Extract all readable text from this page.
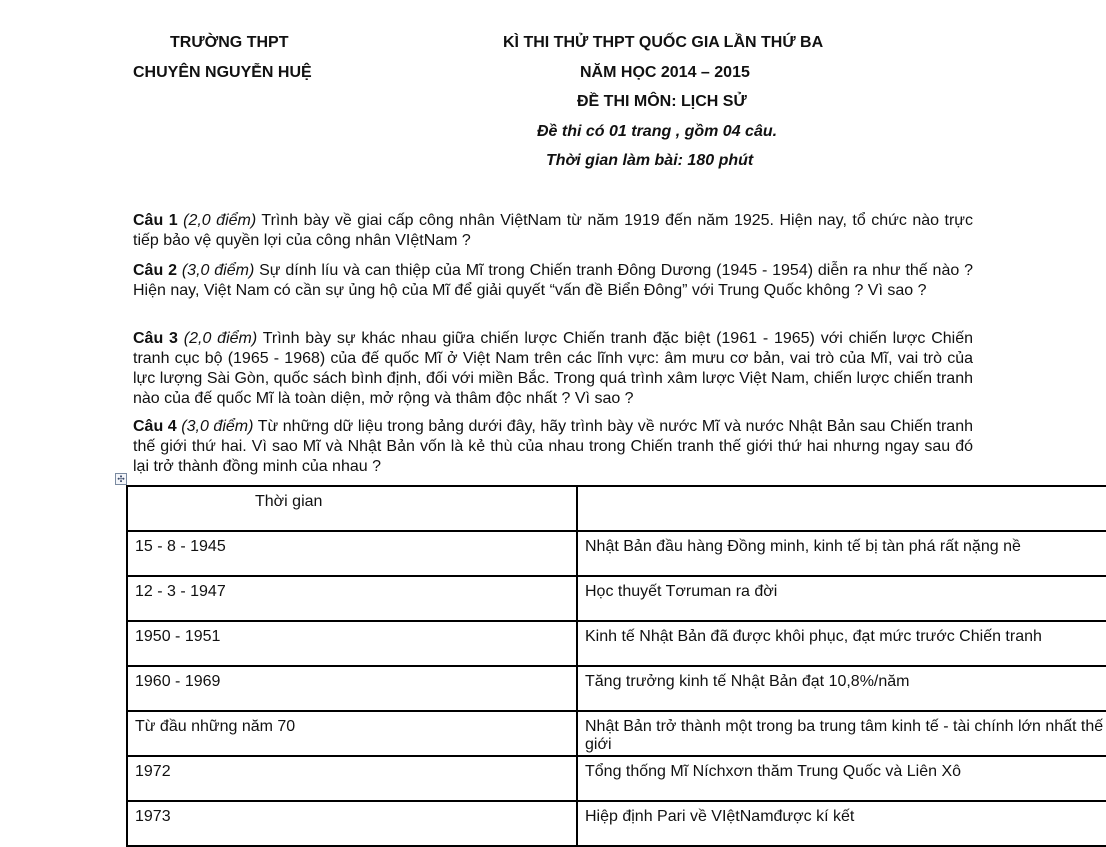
TRƯỜNG THPT
CHUYÊN NGUYỄN HUỆ
KÌ THI THỬ THPT QUỐC GIA LẦN THỨ BA
NĂM HỌC 2014 – 2015
ĐỀ THI MÔN: LỊCH SỬ
Đề thi có 01 trang , gồm 04 câu.
Thời gian làm bài: 180 phút
Câu 1 (2,0 điểm) Trình bày về giai cấp công nhân ViệtNam từ năm 1919 đến năm 1925. Hiện nay, tổ chức nào trực tiếp bảo vệ quyền lợi của công nhân VIệtNam ?
Câu 2 (3,0 điểm) Sự dính líu và can thiệp của Mĩ trong Chiến tranh Đông Dương (1945 - 1954) diễn ra như thế nào ? Hiện nay, Việt Nam có cần sự ủng hộ của Mĩ để giải quyết “vấn đề Biển Đông” với Trung Quốc không ? Vì sao ?
Câu 3 (2,0 điểm) Trình bày sự khác nhau giữa chiến lược Chiến tranh đặc biệt (1961 - 1965) với chiến lược Chiến tranh cục bộ (1965 - 1968) của đế quốc Mĩ ở Việt Nam trên các lĩnh vực: âm mưu cơ bản, vai trò của Mĩ, vai trò của lực lượng Sài Gòn, quốc sách bình định, đối với miền Bắc. Trong quá trình xâm lược Việt Nam, chiến lược chiến tranh nào của đế quốc Mĩ là toàn diện, mở rộng và thâm độc nhất ? Vì sao ?
Câu 4 (3,0 điểm) Từ những dữ liệu trong bảng dưới đây, hãy trình bày về nước Mĩ và nước Nhật Bản sau Chiến tranh thế giới thứ hai. Vì sao Mĩ và Nhật Bản vốn là kẻ thù của nhau trong Chiến tranh thế giới thứ hai nhưng ngay sau đó lại trở thành đồng minh của nhau ?
✣
Thời gian	
15 - 8 - 1945	Nhật Bản đầu hàng Đồng minh, kinh tế bị tàn phá rất nặng nề
12 - 3 - 1947	Học thuyết Tơruman ra đời
1950 - 1951	Kinh tế Nhật Bản đã được khôi phục, đạt mức trước Chiến tranh
1960 - 1969	Tăng trưởng kinh tế Nhật Bản đạt 10,8%/năm
Từ đầu những năm 70	Nhật Bản trở thành một trong ba trung tâm kinh tế - tài chính lớn nhất thế giới
1972	Tổng thống Mĩ Níchxơn thăm Trung Quốc và Liên Xô
1973	Hiệp định Pari về VIệtNamđược kí kết
